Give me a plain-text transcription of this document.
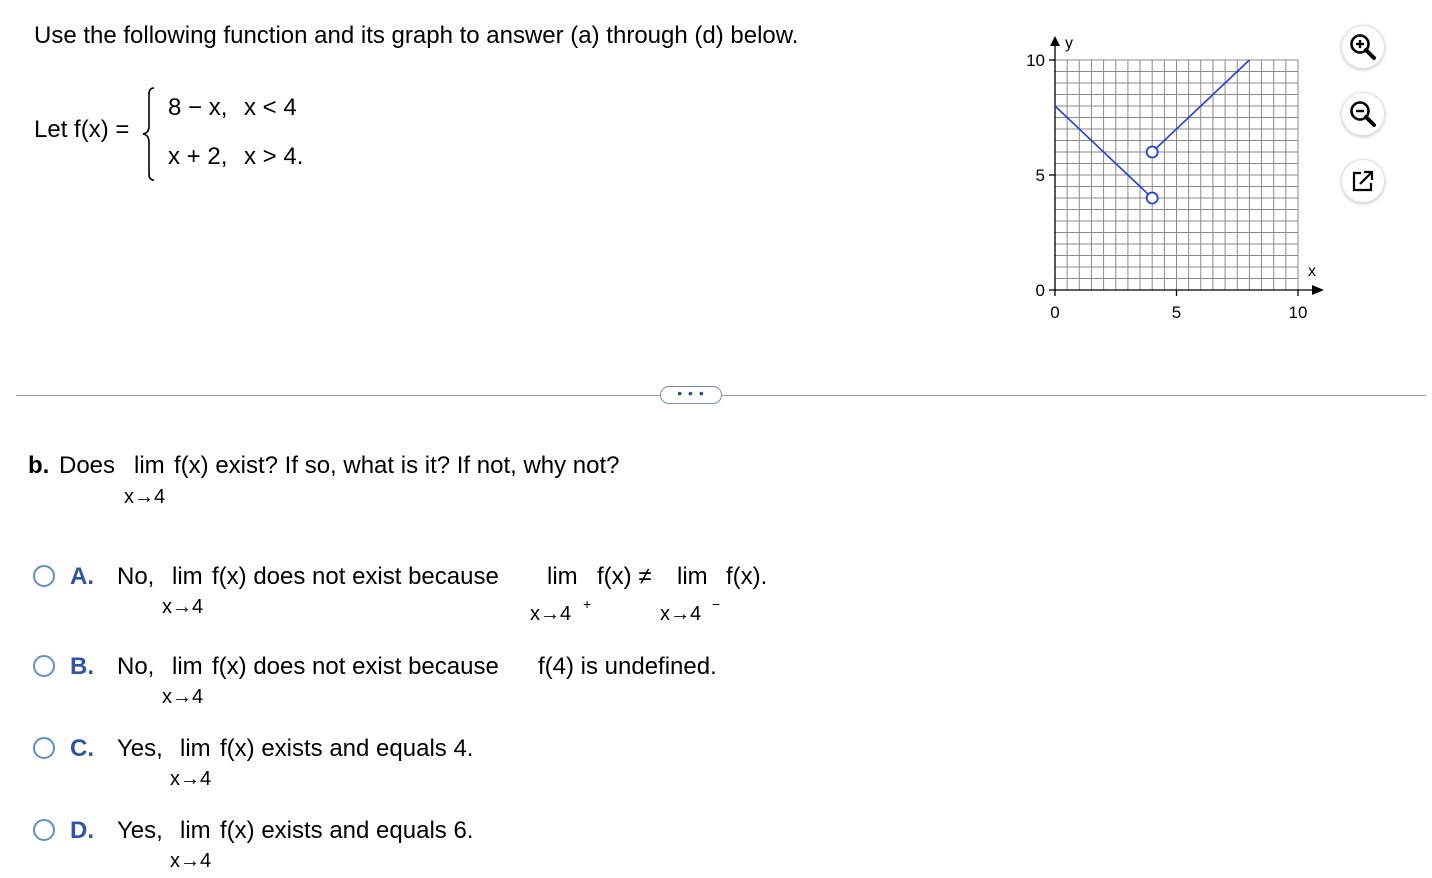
Use the following function and its graph to answer (a) through (d) below.
Let f(x) =
8 − x, x < 4
x + 2, x > 4.
y
x
10
5
0
0	5	10
• • •
b. Does lim f(x) exist? If so, what is it? If not, why not?
x→4
A. No, lim f(x) does not exist because
x→4
lim f(x) ≠
x→4 +
lim f(x).
x→4 −
B. No, lim f(x) does not exist because f(4) is undefined.
x→4
C. Yes, lim f(x) exists and equals 4.
x→4
D. Yes, lim f(x) exists and equals 6.
x→4
